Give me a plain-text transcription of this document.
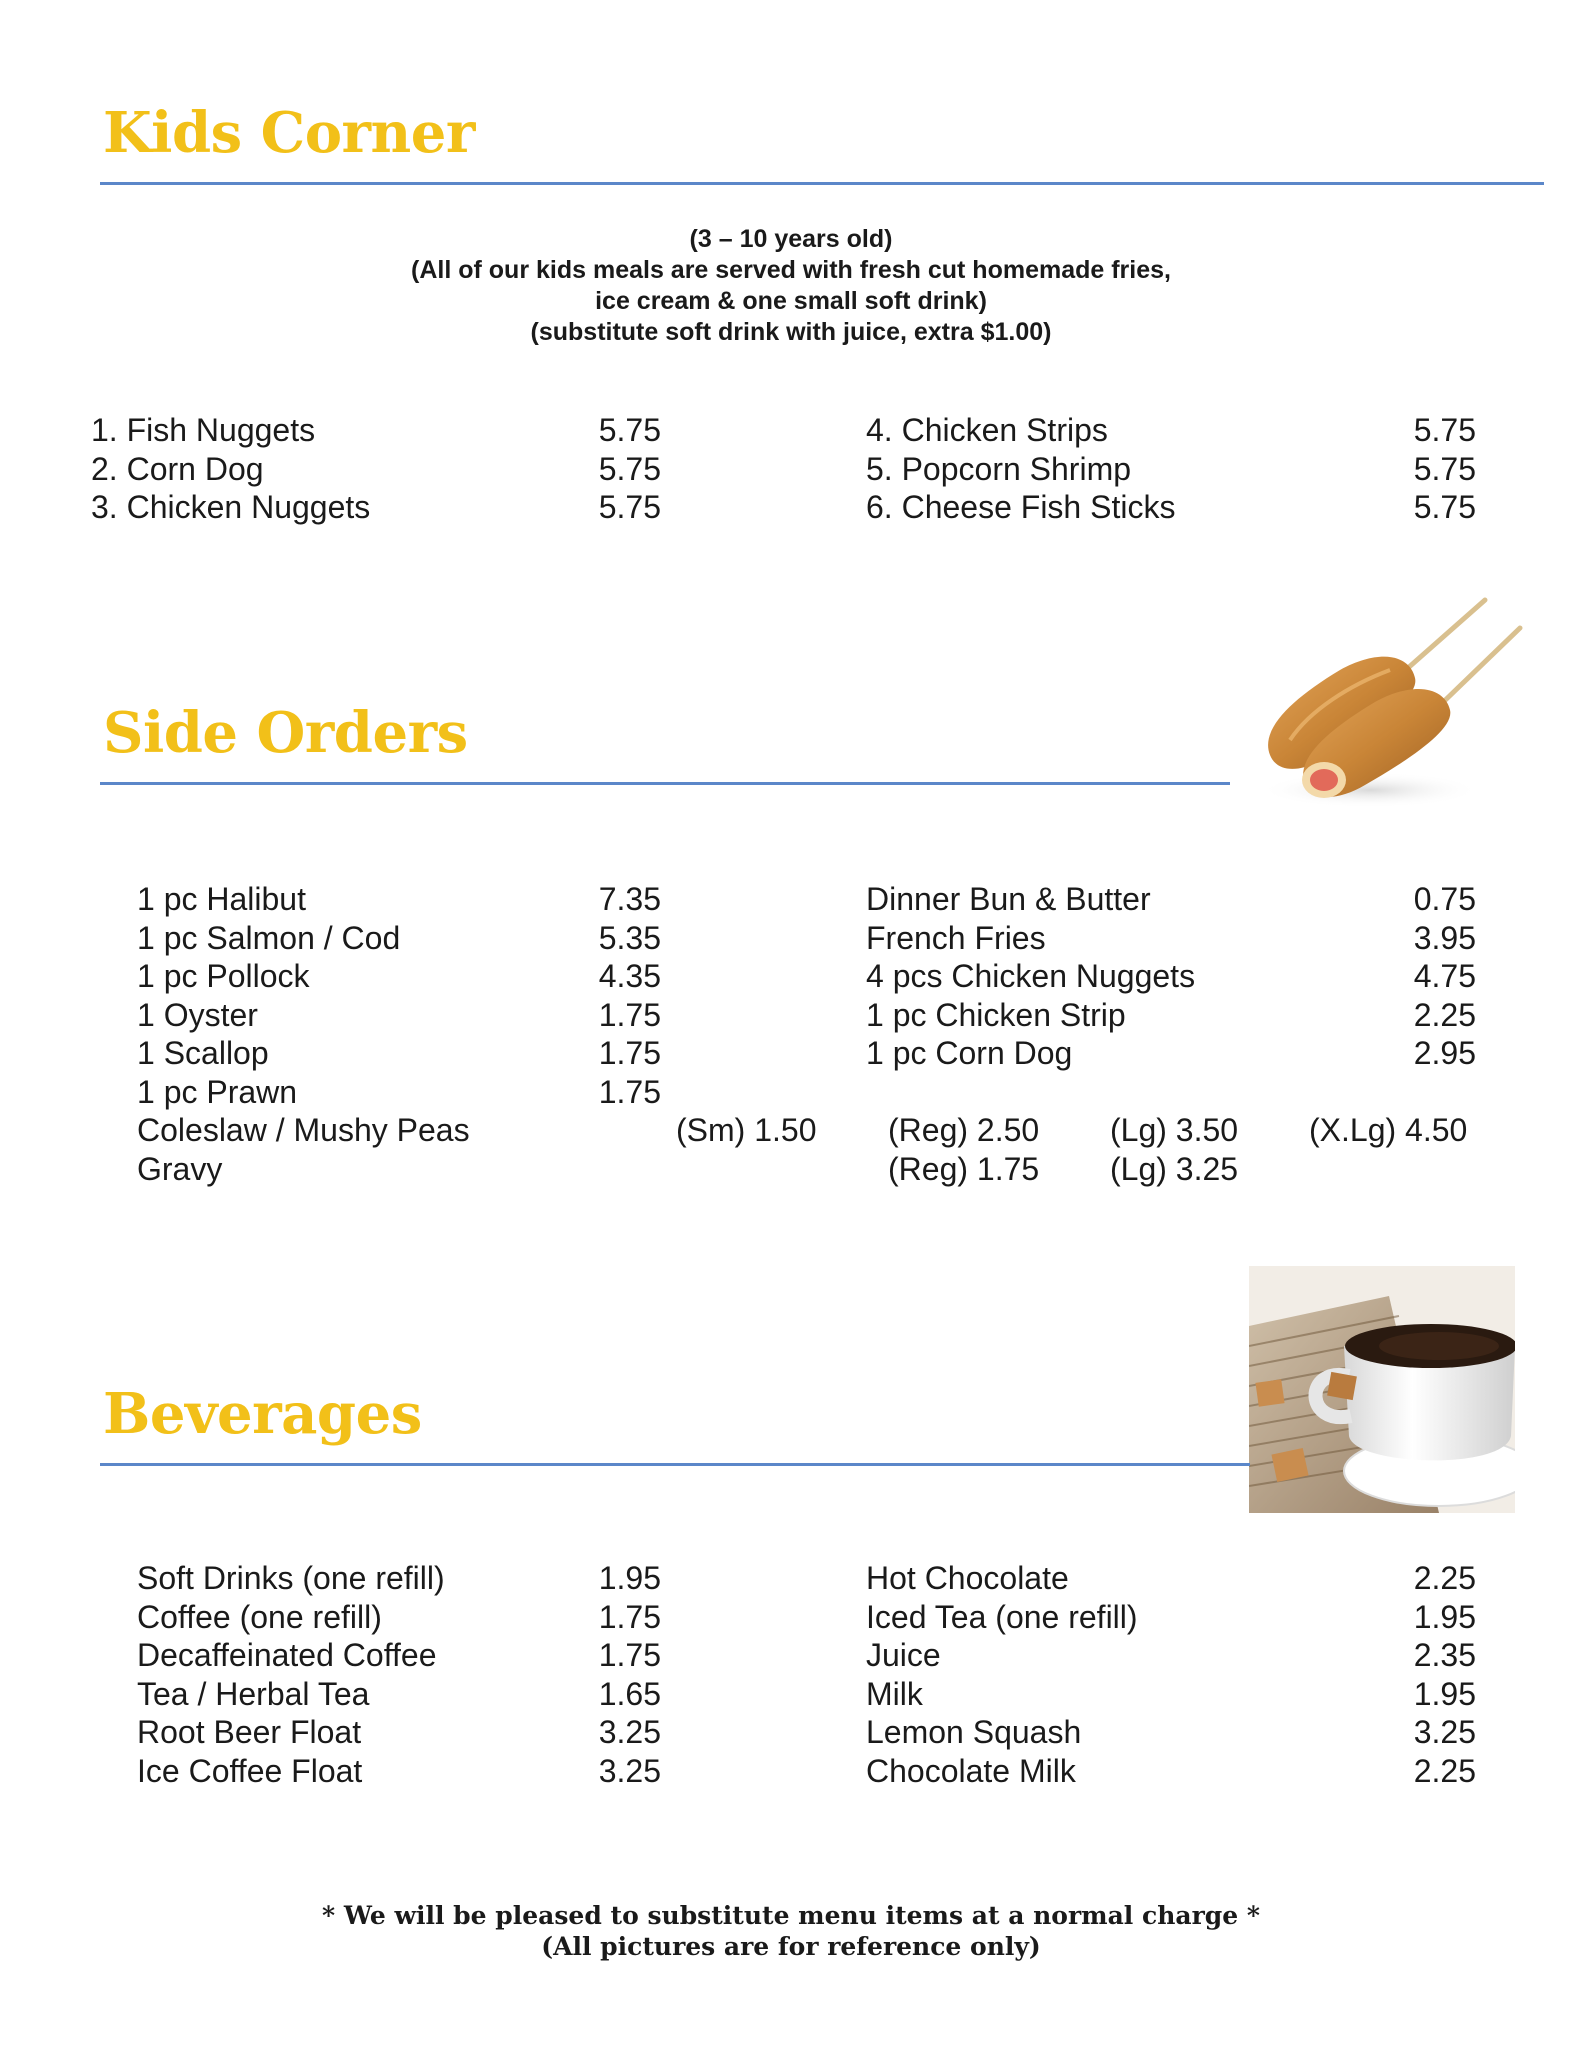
Kids Corner
(3 – 10 years old)
(All of our kids meals are served with fresh cut homemade fries,
ice cream & one small soft drink)
(substitute soft drink with juice, extra $1.00)
1. Fish Nuggets	5.75
2. Corn Dog	5.75
3. Chicken Nuggets	5.75
4. Chicken Strips	5.75
5. Popcorn Shrimp	5.75
6. Cheese Fish Sticks	5.75
Side Orders
1 pc Halibut	7.35
1 pc Salmon / Cod	5.35
1 pc Pollock	4.35
1 Oyster	1.75
1 Scallop	1.75
1 pc Prawn	1.75
Dinner Bun & Butter	0.75
French Fries	3.95
4 pcs Chicken Nuggets	4.75
1 pc Chicken Strip	2.25
1 pc Corn Dog	2.95
Coleslaw / Mushy Peas	(Sm) 1.50 (Reg) 2.50 (Lg) 3.50 (X.Lg) 4.50
Gravy	(Reg) 1.75 (Lg) 3.25
Beverages
Soft Drinks (one refill)	1.95
Coffee (one refill)	1.75
Decaffeinated Coffee	1.75
Tea / Herbal Tea	1.65
Root Beer Float	3.25
Ice Coffee Float	3.25
Hot Chocolate	2.25
Iced Tea (one refill)	1.95
Juice	2.35
Milk	1.95
Lemon Squash	3.25
Chocolate Milk	2.25
* We will be pleased to substitute menu items at a normal charge *
(All pictures are for reference only)
